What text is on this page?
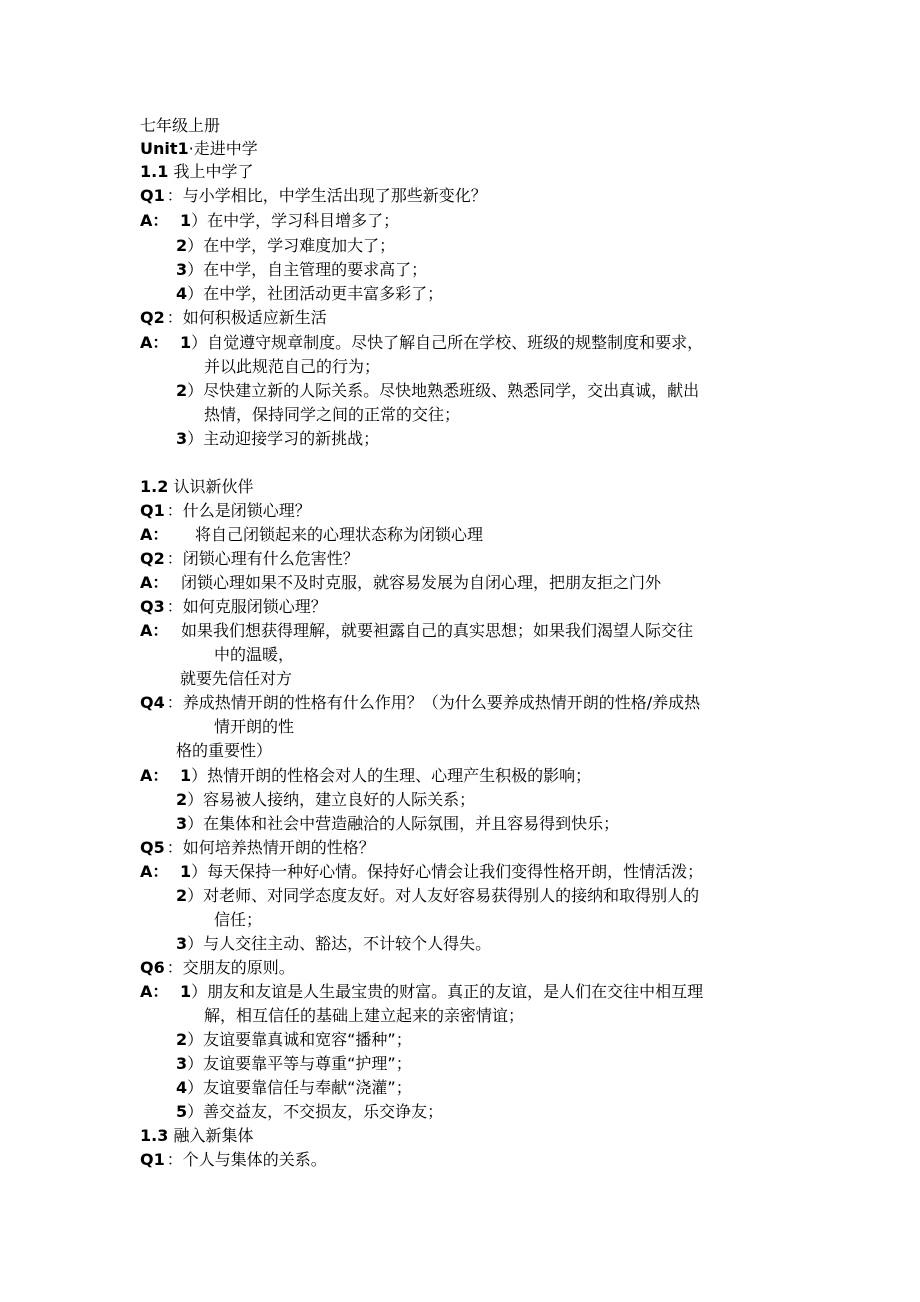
七年级上册
Unit1·走进中学
1.1 我上中学了
Q1 ：与小学相比，中学生活出现了那些新变化？
A： 1）在中学，学习科目增多了；
2）在中学，学习难度加大了；
3）在中学，自主管理的要求高了；
4）在中学，社团活动更丰富多彩了；
Q2 ：如何积极适应新生活
A： 1）自觉遵守规章制度。尽快了解自己所在学校、班级的规整制度和要求，
并以此规范自己的行为；
2）尽快建立新的人际关系。尽快地熟悉班级、熟悉同学，交出真诚，献出
热情，保持同学之间的正常的交往；
3）主动迎接学习的新挑战；
1.2 认识新伙伴
Q1 ：什么是闭锁心理？
A： 将自己闭锁起来的心理状态称为闭锁心理
Q2 ：闭锁心理有什么危害性？
A： 闭锁心理如果不及时克服，就容易发展为自闭心理，把朋友拒之门外
Q3 ：如何克服闭锁心理？
A： 如果我们想获得理解，就要袒露自己的真实思想；如果我们渴望人际交往
中的温暖，
就要先信任对方
Q4 ：养成热情开朗的性格有什么作用？（为什么要养成热情开朗的性格/养成热
情开朗的性
格的重要性）
A： 1）热情开朗的性格会对人的生理、心理产生积极的影响；
2）容易被人接纳，建立良好的人际关系；
3）在集体和社会中营造融洽的人际氛围，并且容易得到快乐；
Q5 ：如何培养热情开朗的性格？
A： 1）每天保持一种好心情。保持好心情会让我们变得性格开朗，性情活泼；
2）对老师、对同学态度友好。对人友好容易获得别人的接纳和取得别人的
信任；
3）与人交往主动、豁达，不计较个人得失。
Q6 ：交朋友的原则。
A： 1）朋友和友谊是人生最宝贵的财富。真正的友谊，是人们在交往中相互理
解，相互信任的基础上建立起来的亲密情谊；
2）友谊要靠真诚和宽容“播种”；
3）友谊要靠平等与尊重“护理”；
4）友谊要靠信任与奉献“浇灌”；
5）善交益友，不交损友，乐交诤友；
1.3 融入新集体
Q1 ：个人与集体的关系。
